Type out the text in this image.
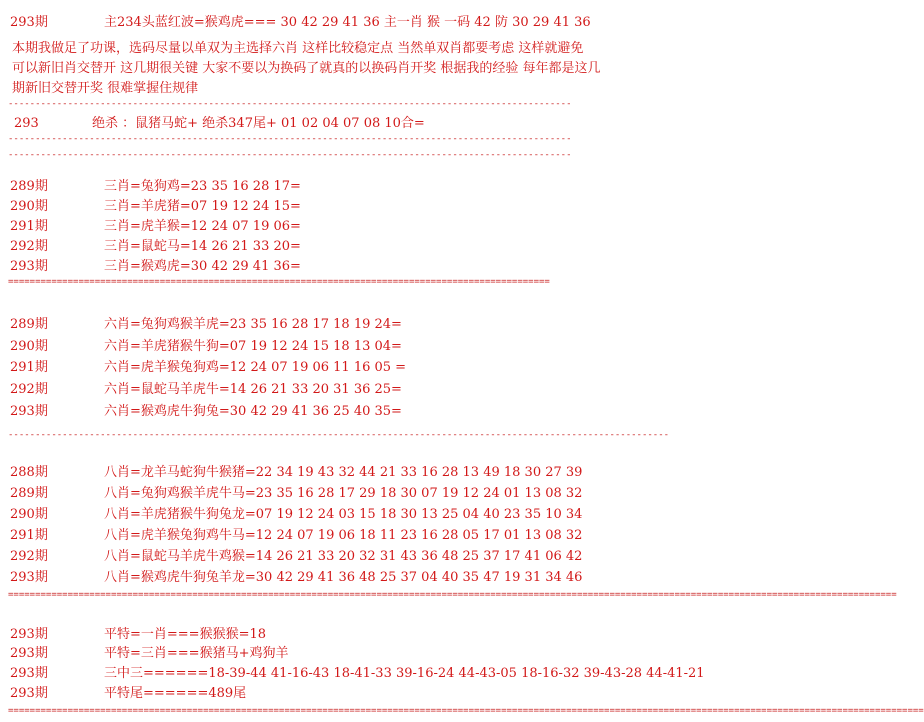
293期	主234头蓝红波=猴鸡虎=== 30 42 29 41 36 主一肖 猴 一码 42 防 30 29 41 36
本期我做足了功课，选码尽量以单双为主选择六肖 这样比较稳定点 当然单双肖都要考虑 这样就避免
可以新旧肖交替开 这几期很关键 大家不要以为换码了就真的以换码肖开奖 根据我的经验 每年都是这几
期新旧交替开奖 很难掌握住规律
--------------------------------------------------------------------------------------------------------
293	绝杀 ：鼠猪马蛇+ 绝杀347尾+ 01 02 04 07 08 10合=
--------------------------------------------------------------------------------------------------------
--------------------------------------------------------------------------------------------------------
289期	三肖=兔狗鸡=23 35 16 28 17=
290期	三肖=羊虎猪=07 19 12 24 15=
291期	三肖=虎羊猴=12 24 07 19 06=
292期	三肖=鼠蛇马=14 26 21 33 20=
293期	三肖=猴鸡虎=30 42 29 41 36=
====================================================================================================
289期	六肖=兔狗鸡猴羊虎=23 35 16 28 17 18 19 24=
290期	六肖=羊虎猪猴牛狗=07 19 12 24 15 18 13 04=
291期	六肖=虎羊猴兔狗鸡=12 24 07 19 06 11 16 05 =
292期	六肖=鼠蛇马羊虎牛=14 26 21 33 20 31 36 25=
293期	六肖=猴鸡虎牛狗兔=30 42 29 41 36 25 40 35=
--------------------------------------------------------------------------------------------------------------------------
288期	八肖=龙羊马蛇狗牛猴猪=22 34 19 43 32 44 21 33 16 28 13 49 18 30 27 39
289期	八肖=兔狗鸡猴羊虎牛马=23 35 16 28 17 29 18 30 07 19 12 24 01 13 08 32
290期	八肖=羊虎猪猴牛狗兔龙=07 19 12 24 03 15 18 30 13 25 04 40 23 35 10 34
291期	八肖=虎羊猴兔狗鸡牛马=12 24 07 19 06 18 11 23 16 28 05 17 01 13 08 32
292期	八肖=鼠蛇马羊虎牛鸡猴=14 26 21 33 20 32 31 43 36 48 25 37 17 41 06 42
293期	八肖=猴鸡虎牛狗兔羊龙=30 42 29 41 36 48 25 37 04 40 35 47 19 31 34 46
====================================================================================================================================================================
293期	平特=一肖===猴猴猴=18
293期	平特=三肖===猴猪马+鸡狗羊
293期	三中三======18-39-44 41-16-43 18-41-33 39-16-24 44-43-05 18-16-32 39-43-28 44-41-21
293期	平特尾======489尾
=========================================================================================================================================================================
